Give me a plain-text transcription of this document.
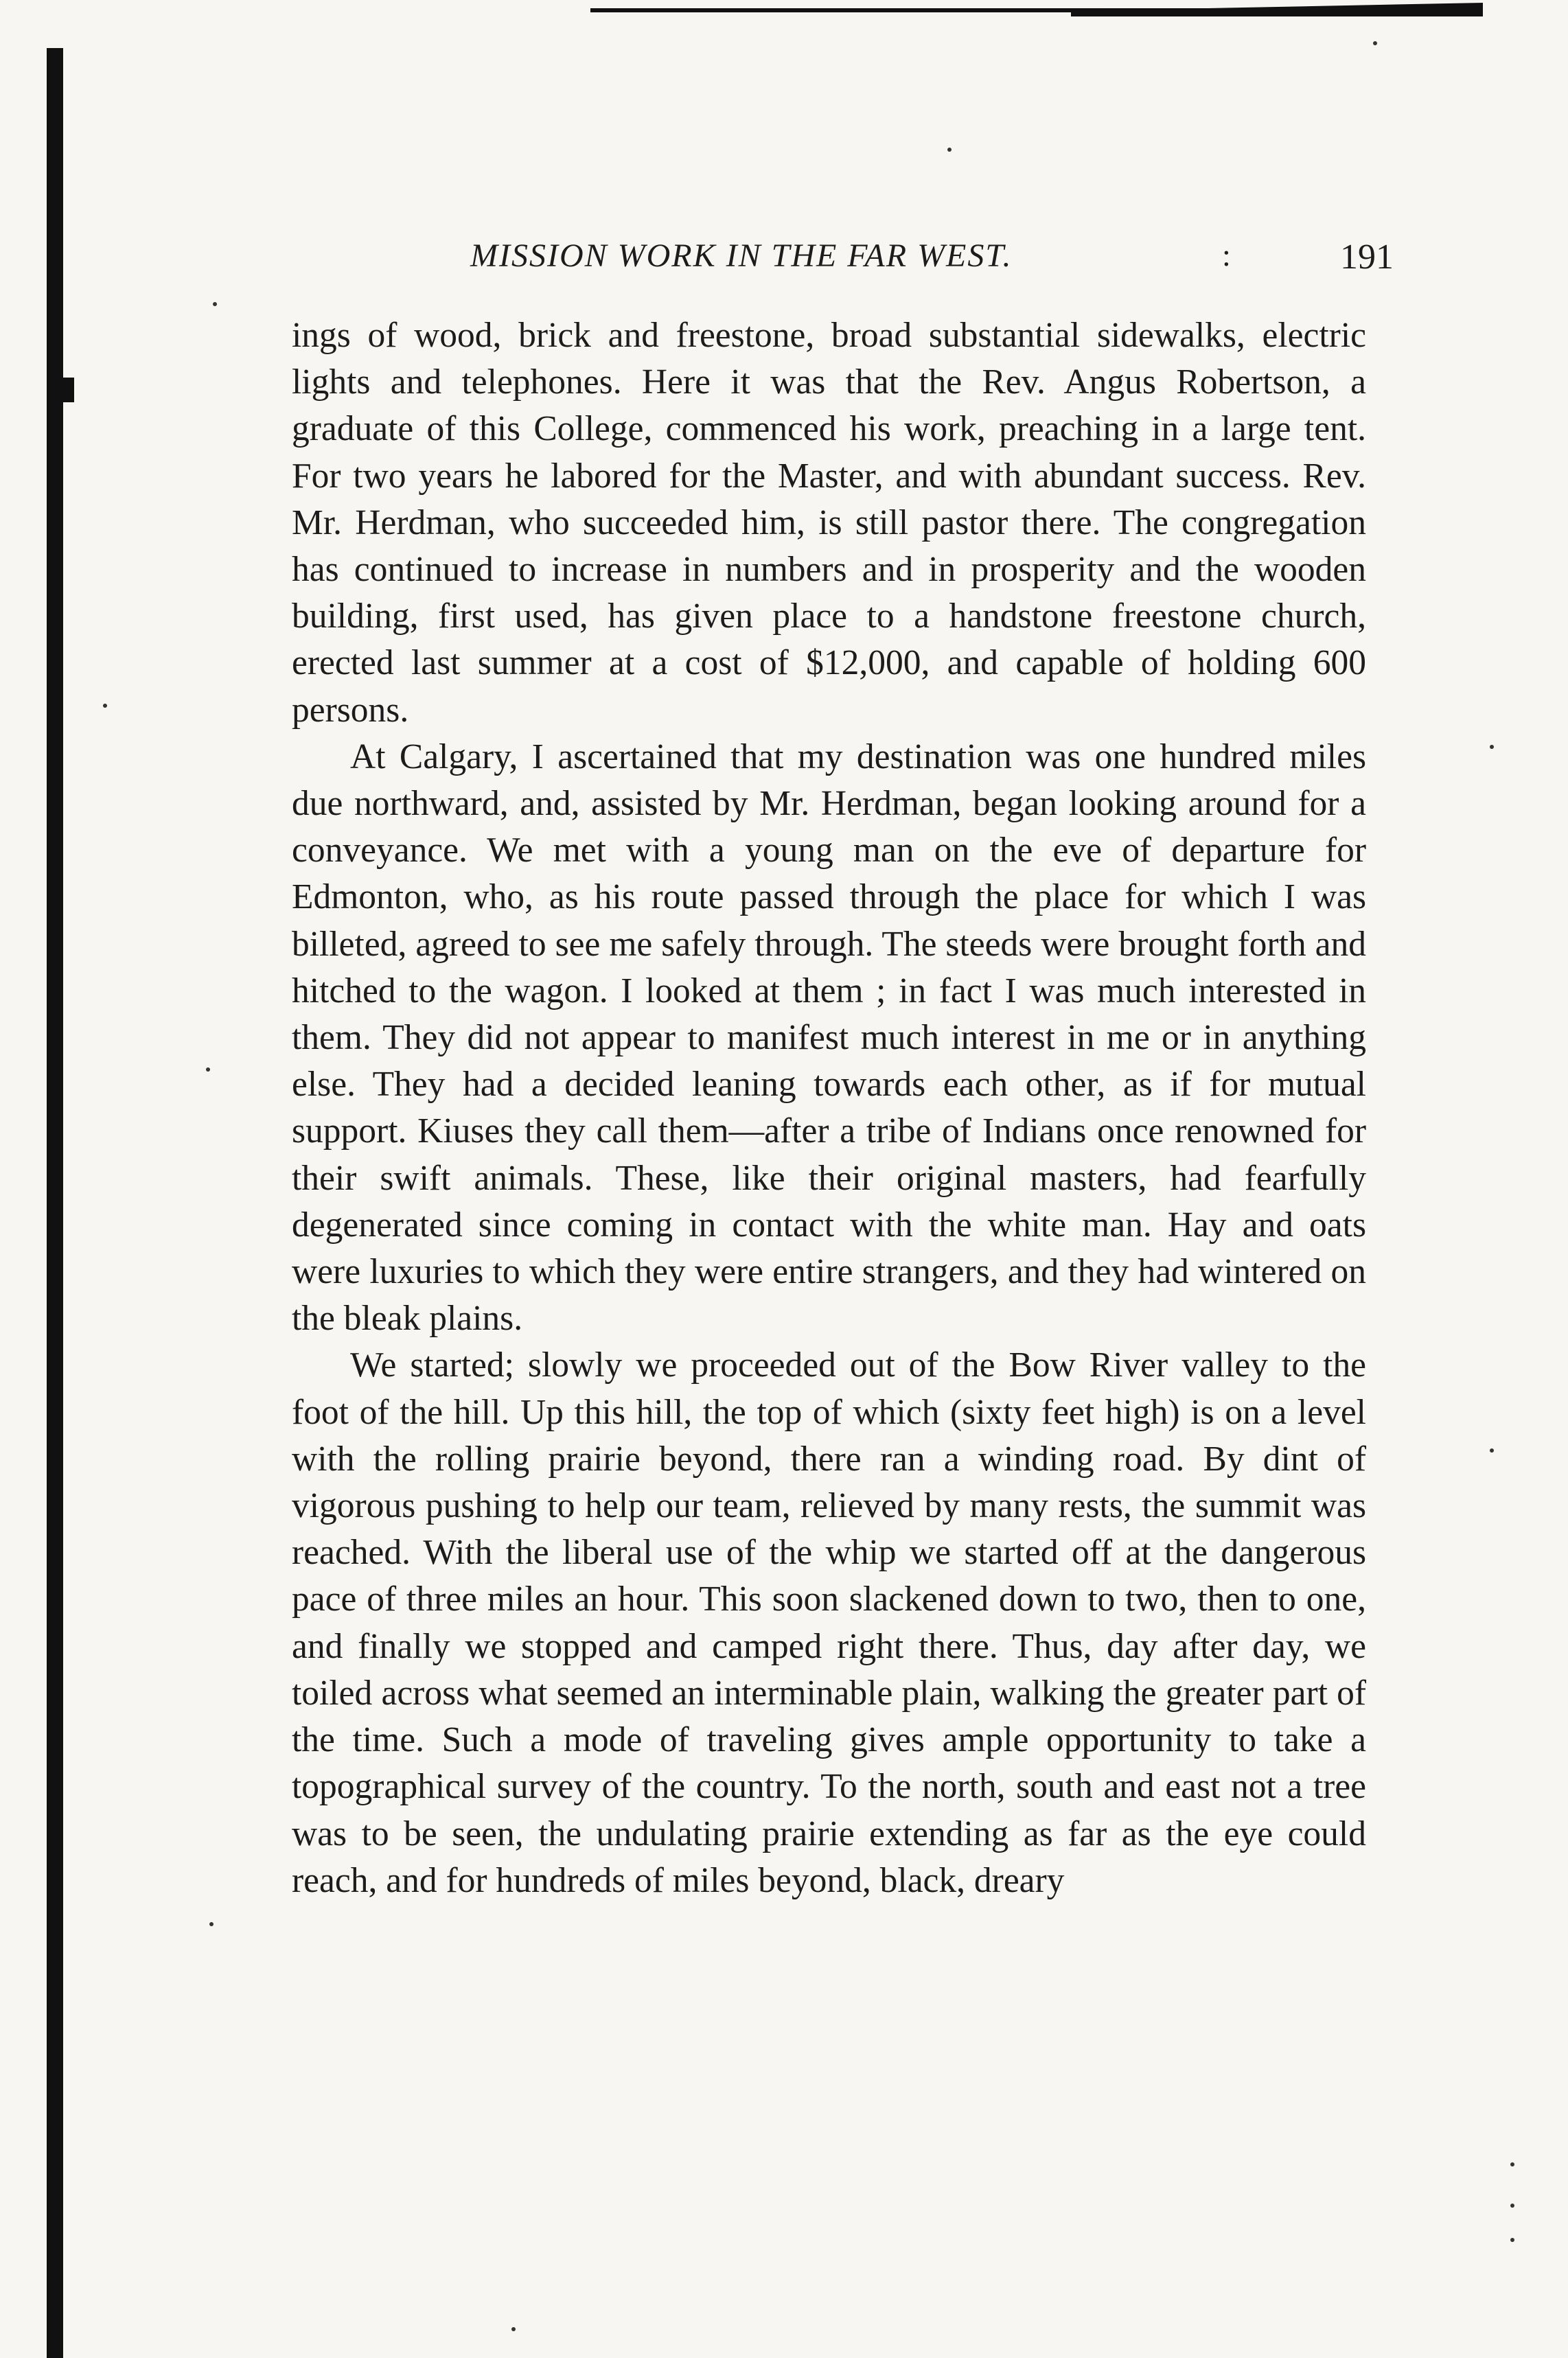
MISSION WORK IN THE FAR WEST.	:	191

ings of wood, brick and freestone, broad substantial sidewalks, electric lights and telephones. Here it was that the Rev. Angus Robertson, a graduate of this College, commenced his work, preaching in a large tent. For two years he labored for the Master, and with abundant success. Rev. Mr. Herdman, who succeeded him, is still pastor there. The congregation has continued to increase in numbers and in prosperity and the wooden building, first used, has given place to a handstone freestone church, erected last summer at a cost of $12,000, and capable of holding 600 persons.

At Calgary, I ascertained that my destination was one hundred miles due northward, and, assisted by Mr. Herdman, began looking around for a conveyance. We met with a young man on the eve of departure for Edmonton, who, as his route passed through the place for which I was billeted, agreed to see me safely through. The steeds were brought forth and hitched to the wagon. I looked at them ; in fact I was much interested in them. They did not appear to manifest much interest in me or in anything else. They had a decided leaning towards each other, as if for mutual support. Kiuses they call them—after a tribe of Indians once renowned for their swift animals. These, like their original masters, had fearfully degenerated since coming in contact with the white man. Hay and oats were luxuries to which they were entire strangers, and they had wintered on the bleak plains.

We started; slowly we proceeded out of the Bow River valley to the foot of the hill. Up this hill, the top of which (sixty feet high) is on a level with the rolling prairie beyond, there ran a winding road. By dint of vigorous pushing to help our team, relieved by many rests, the summit was reached. With the liberal use of the whip we started off at the dangerous pace of three miles an hour. This soon slackened down to two, then to one, and finally we stopped and camped right there. Thus, day after day, we toiled across what seemed an interminable plain, walking the greater part of the time. Such a mode of traveling gives ample opportunity to take a topographical survey of the country. To the north, south and east not a tree was to be seen, the undulating prairie extending as far as the eye could reach, and for hundreds of miles beyond, black, dreary
